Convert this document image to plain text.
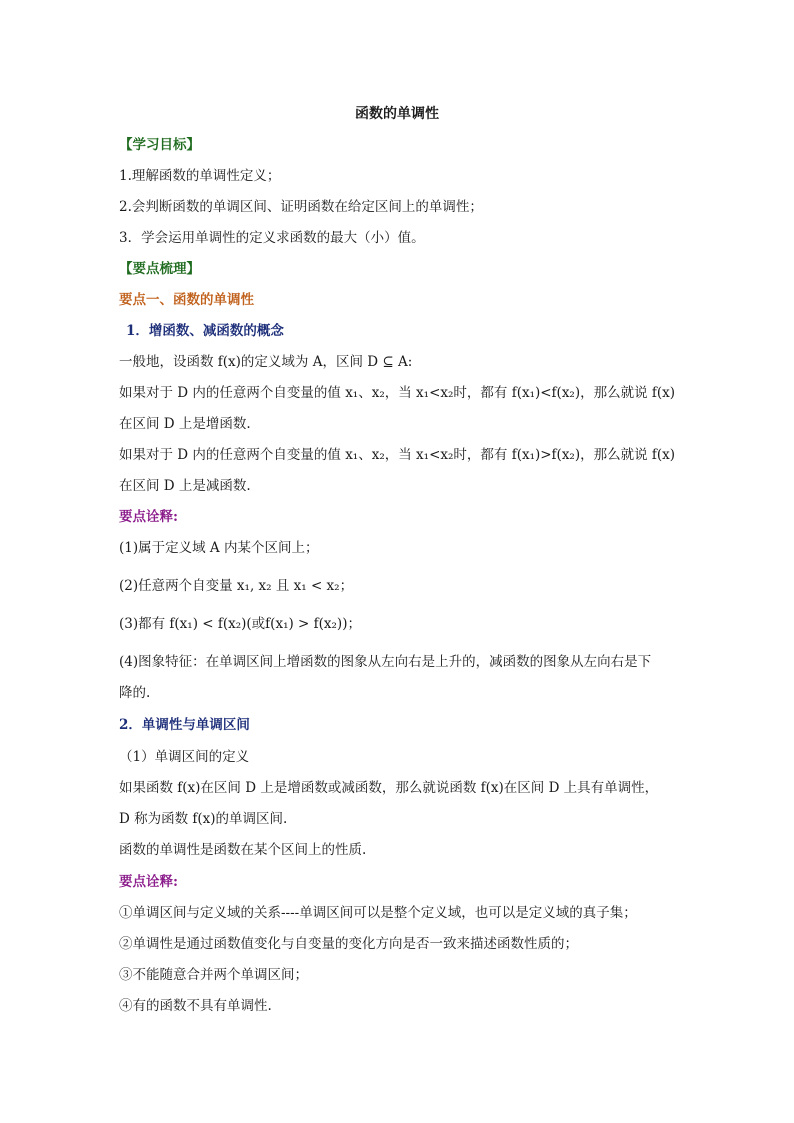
函数的单调性
【学习目标】
1.理解函数的单调性定义；
2.会判断函数的单调区间、证明函数在给定区间上的单调性；
3．学会运用单调性的定义求函数的最大（小）值。
【要点梳理】
要点一、函数的单调性
1．增函数、减函数的概念
一般地，设函数 f(x)的定义域为 A，区间 D ⊆ A:
如果对于 D 内的任意两个自变量的值 x₁、x₂，当 x₁<x₂时，都有 f(x₁)<f(x₂)，那么就说 f(x)
在区间 D 上是增函数.
如果对于 D 内的任意两个自变量的值 x₁、x₂，当 x₁<x₂时，都有 f(x₁)>f(x₂)，那么就说 f(x)
在区间 D 上是减函数.
要点诠释:
(1)属于定义域 A 内某个区间上；
(2)任意两个自变量 x₁, x₂ 且 x₁ < x₂；
(3)都有 f(x₁) < f(x₂)(或f(x₁) > f(x₂))；
(4)图象特征：在单调区间上增函数的图象从左向右是上升的，减函数的图象从左向右是下
降的.
2．单调性与单调区间
（1）单调区间的定义
如果函数 f(x)在区间 D 上是增函数或减函数，那么就说函数 f(x)在区间 D 上具有单调性，
D 称为函数 f(x)的单调区间.
函数的单调性是函数在某个区间上的性质.
要点诠释:
①单调区间与定义域的关系----单调区间可以是整个定义域，也可以是定义域的真子集；
②单调性是通过函数值变化与自变量的变化方向是否一致来描述函数性质的；
③不能随意合并两个单调区间；
④有的函数不具有单调性.
